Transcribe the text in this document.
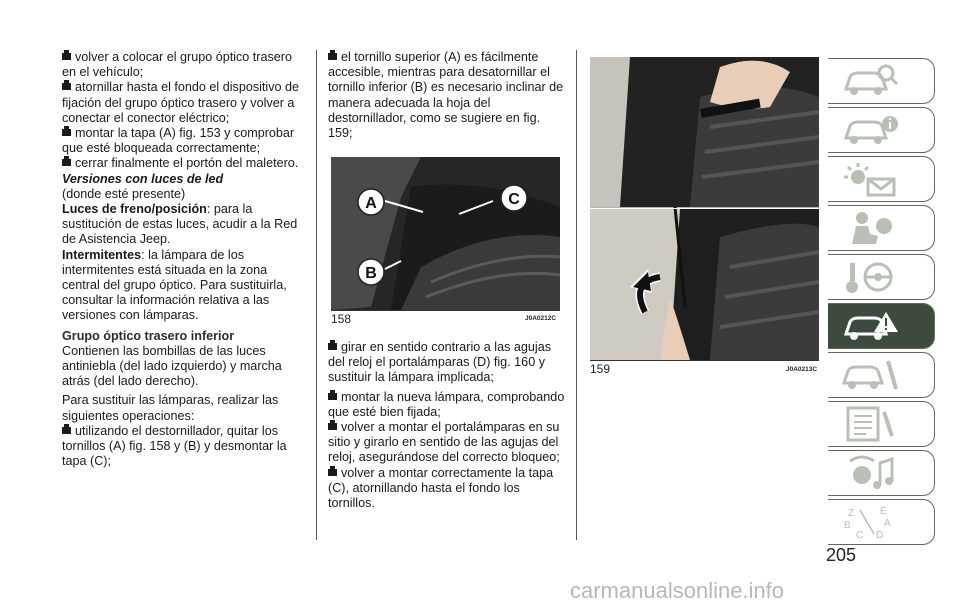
volver a colocar el grupo óptico trasero en el vehículo;

atornillar hasta el fondo el dispositivo de fijación del grupo óptico trasero y volver a conectar el conector eléctrico;

montar la tapa (A) fig. 153 y comprobar que esté bloqueada correctamente;

cerrar finalmente el portón del maletero.

Versiones con luces de led

(donde esté presente)

Luces de freno/posición: para la sustitución de estas luces, acudir a la Red de Asistencia Jeep.

Intermitentes: la lámpara de los intermitentes está situada en la zona central del grupo óptico. Para sustituirla, consultar la información relativa a las versiones con lámparas.

Grupo óptico trasero inferior

Contienen las bombillas de las luces antiniebla (del lado izquierdo) y marcha atrás (del lado derecho).

Para sustituir las lámparas, realizar las siguientes operaciones:

utilizando el destornillador, quitar los tornillos (A) fig. 158 y (B) y desmontar la tapa (C);

el tornillo superior (A) es fácilmente accesible, mientras para desatornillar el tornillo inferior (B) es necesario inclinar de manera adecuada la hoja del destornillador, como se sugiere en fig. 159;

A	C
B
158	J0A0212C

girar en sentido contrario a las agujas del reloj el portalámparas (D) fig. 160 y sustituir la lámpara implicada;

montar la nueva lámpara, comprobando que esté bien fijada;

volver a montar el portalámparas en su sitio y girarlo en sentido de las agujas del reloj, asegurándose del correcto bloqueo;

volver a montar correctamente la tapa (C), atornillando hasta el fondo los tornillos.

159	J0A0213C
Z	E
B	A
C D
205
carmanualsonline.info
